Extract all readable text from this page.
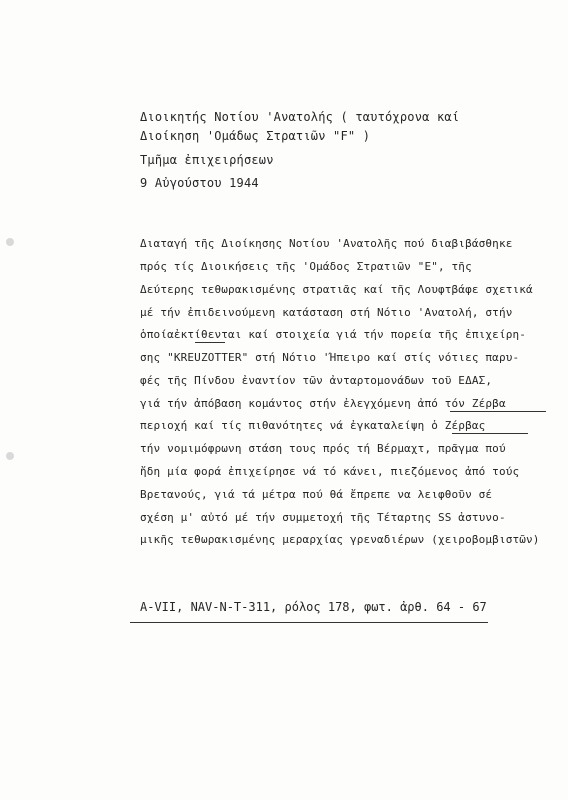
Διοικητής Νοτίου 'Ανατολής ( ταυτόχρονα καί
Διοίκηση 'Ομάδως Στρατιῶν "F" )
Τμῆμα ἐπιχειρήσεων
9 Αὐγούστου 1944
Διαταγή τῆς Διοίκησης Νοτίου 'Ανατολῆς πού διαβιβάσθηκε
πρός τίς Διοικήσεις τῆς 'Ομάδος Στρατιῶν "Ε", τῆς
Δεύτερης τεθωρακισμένης στρατιᾶς καί τῆς Λουφτβάφε σχετικά
μέ τήν ἐπιδεινούμενη κατάσταση στή Νότιο 'Ανατολή, στήν
ὁποίαἐκτίθενται καί στοιχεία γιά τήν πορεία τῆς ἐπιχείρη-
σης "KREUZOTTER" στή Νότιο 'Ήπειρο καί στίς νότιες παρυ-
φές τῆς Πίνδου ἐναντίον τῶν ἀνταρτομονάδων τοῦ ΕΔΑΣ,
γιά τήν ἀπόβαση κομάντος στήν ἐλεγχόμενη ἀπό τόν Ζέρβα
περιοχή καί τίς πιθανότητες νά ἐγκαταλείψη ὁ Ζέρβας
τήν νομιμόφρωνη στάση τους πρός τή Βέρμαχτ, πρᾶγμα πού
ἤδη μία φορά ἐπιχείρησε νά τό κάνει, πιεζόμενος ἀπό τούς
Βρετανούς, γιά τά μέτρα πού θά ἔπρεπε να λειφθοῦν σέ
σχέση μ' αὐτό μέ τήν συμμετοχή τῆς Τέταρτης SS ἀστυνο-
μικῆς τεθωρακισμένης μεραρχίας γρεναδιέρων (χειροβομβιστῶν)
A-VII, NAV-N-T-311, ρόλος 178, φωτ. ἀρθ. 64 - 67
